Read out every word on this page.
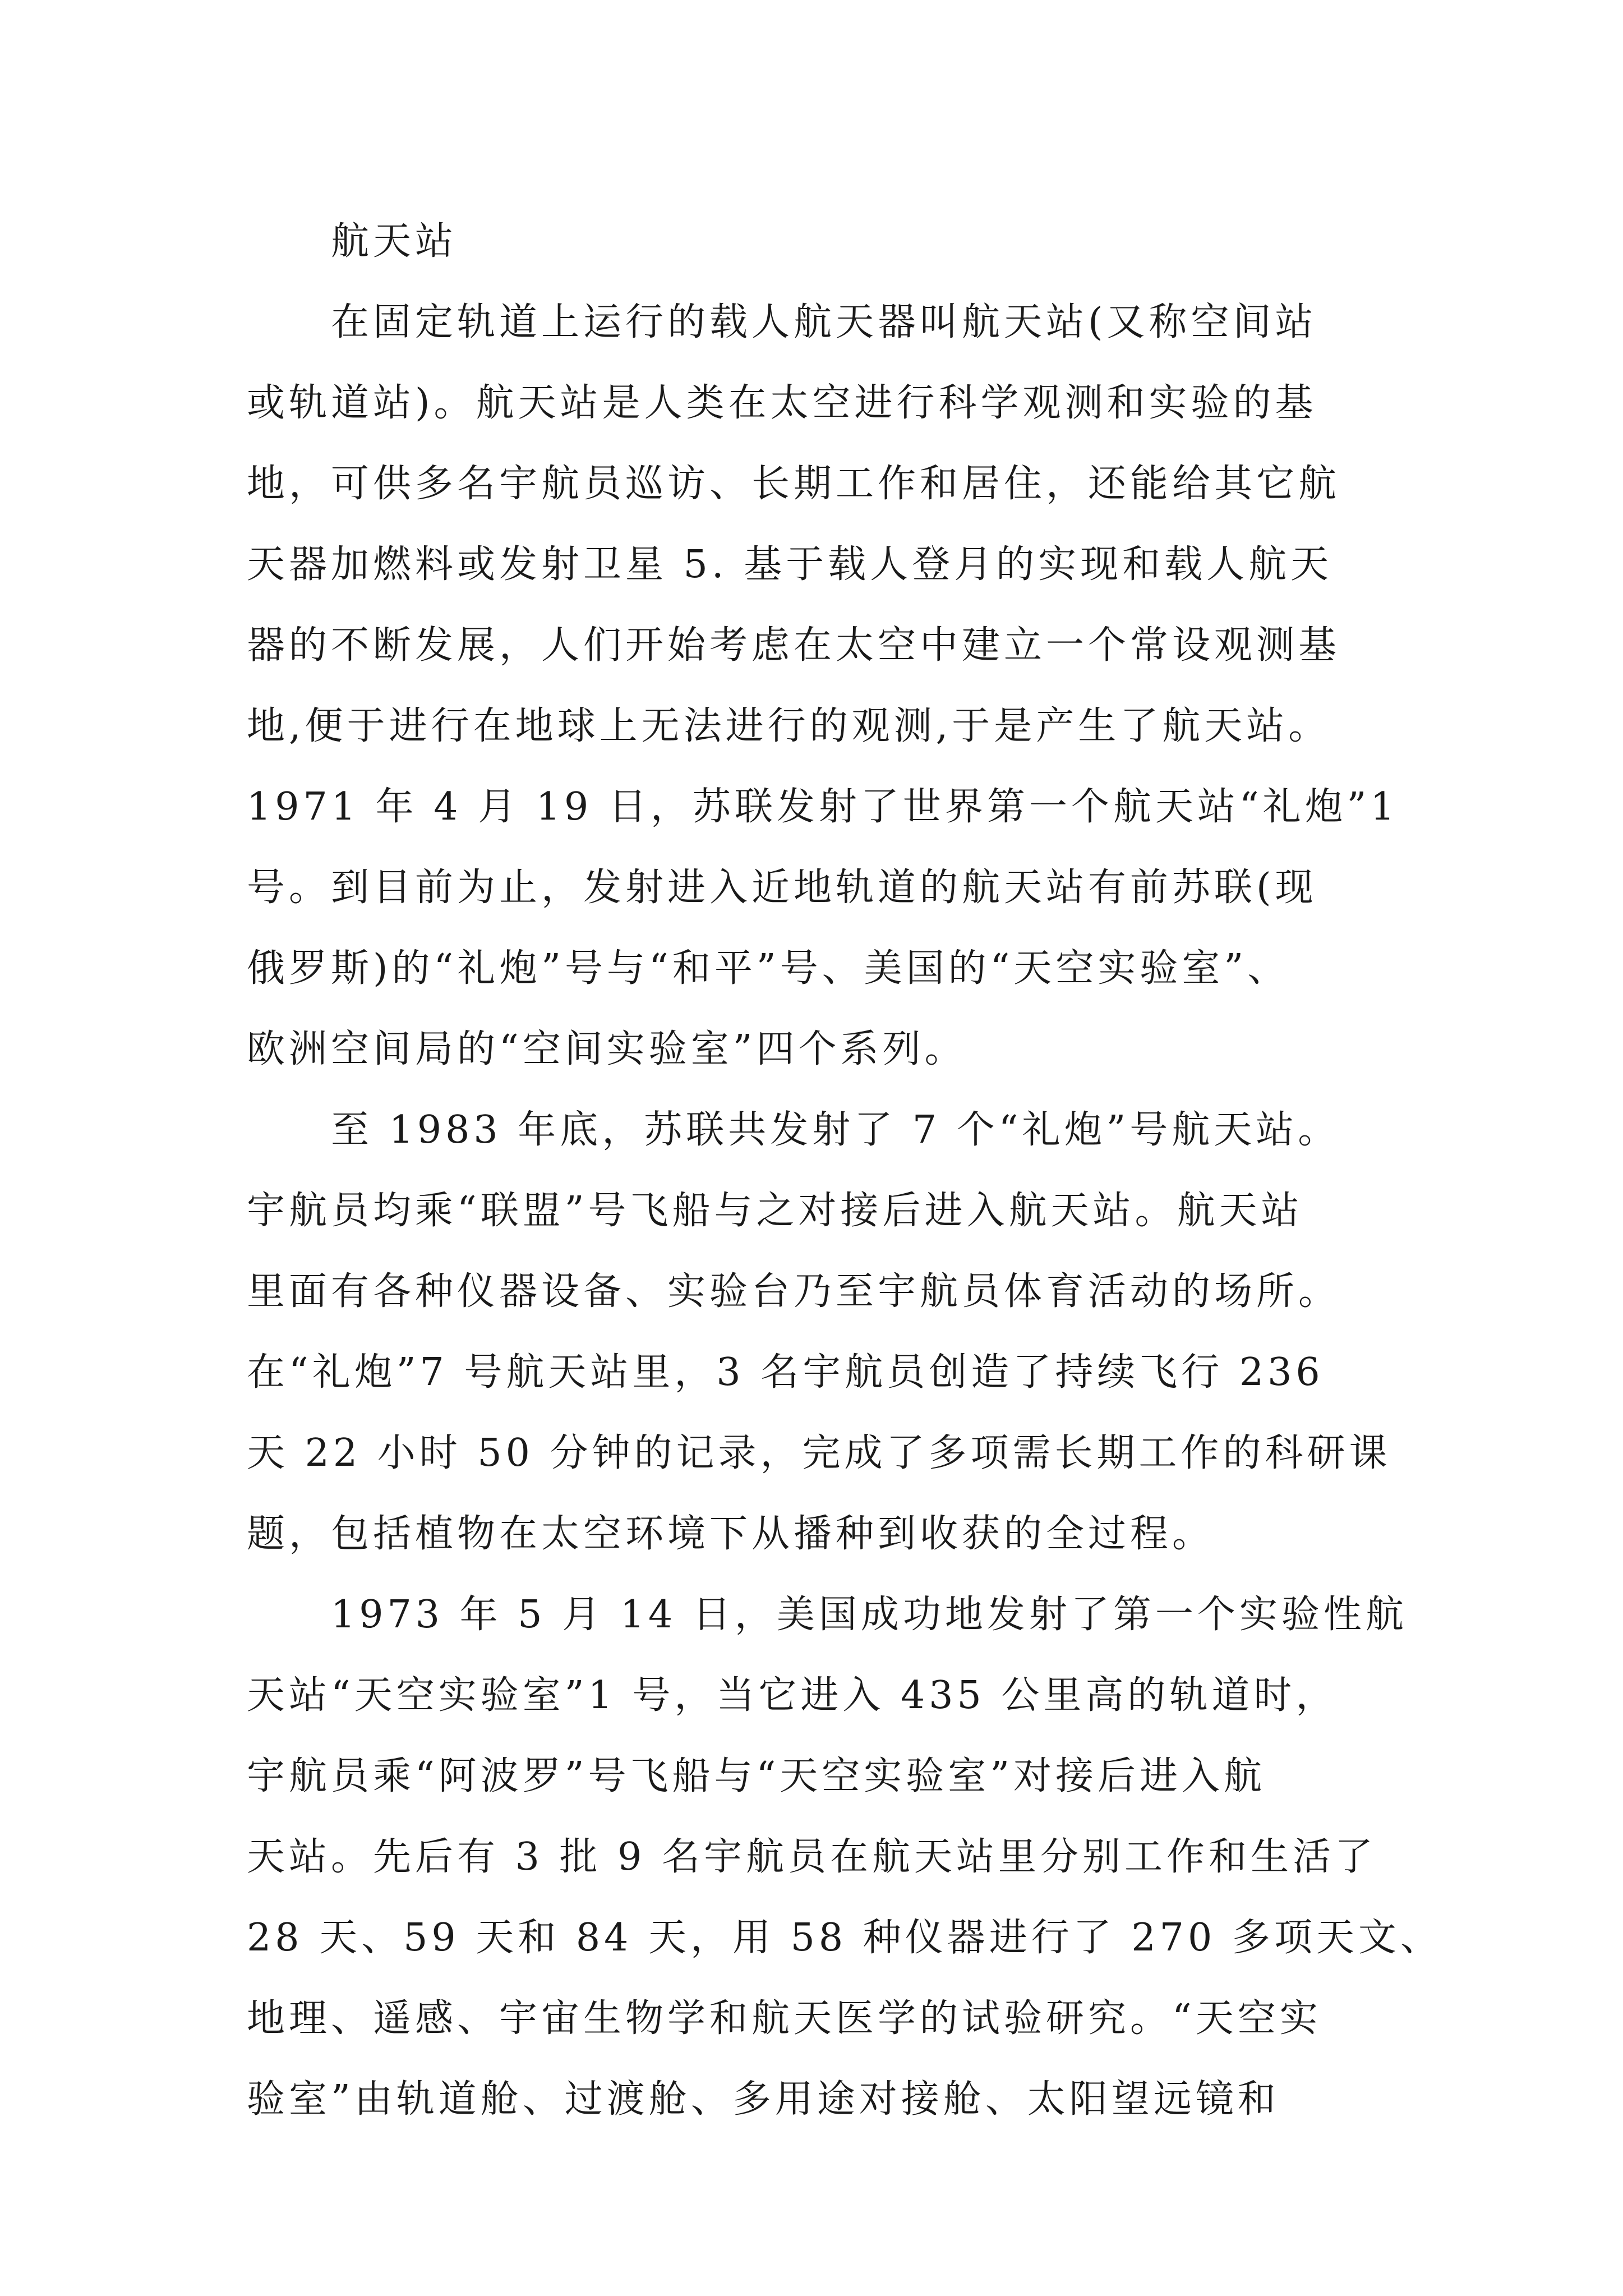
航天站

在固定轨道上运行的载人航天器叫航天站(又称空间站

或轨道站)。航天站是人类在太空进行科学观测和实验的基

地，可供多名宇航员巡访、长期工作和居住，还能给其它航

天器加燃料或发射卫星 5. 基于载人登月的实现和载人航天

器的不断发展，人们开始考虑在太空中建立一个常设观测基

地,便于进行在地球上无法进行的观测,于是产生了航天站。

1971 年 4 月 19 日，苏联发射了世界第一个航天站“礼炮”1

号。到目前为止，发射进入近地轨道的航天站有前苏联(现

俄罗斯)的“礼炮”号与“和平”号、美国的“天空实验室”、

欧洲空间局的“空间实验室”四个系列。

至 1983 年底，苏联共发射了 7 个“礼炮”号航天站。

宇航员均乘“联盟”号飞船与之对接后进入航天站。航天站

里面有各种仪器设备、实验台乃至宇航员体育活动的场所。

在“礼炮”7 号航天站里，3 名宇航员创造了持续飞行 236

天 22 小时 50 分钟的记录，完成了多项需长期工作的科研课

题，包括植物在太空环境下从播种到收获的全过程。

1973 年 5 月 14 日，美国成功地发射了第一个实验性航

天站“天空实验室”1 号，当它进入 435 公里高的轨道时，

宇航员乘“阿波罗”号飞船与“天空实验室”对接后进入航

天站。先后有 3 批 9 名宇航员在航天站里分别工作和生活了

28 天、59 天和 84 天，用 58 种仪器进行了 270 多项天文、

地理、遥感、宇宙生物学和航天医学的试验研究。“天空实

验室”由轨道舱、过渡舱、多用途对接舱、太阳望远镜和
